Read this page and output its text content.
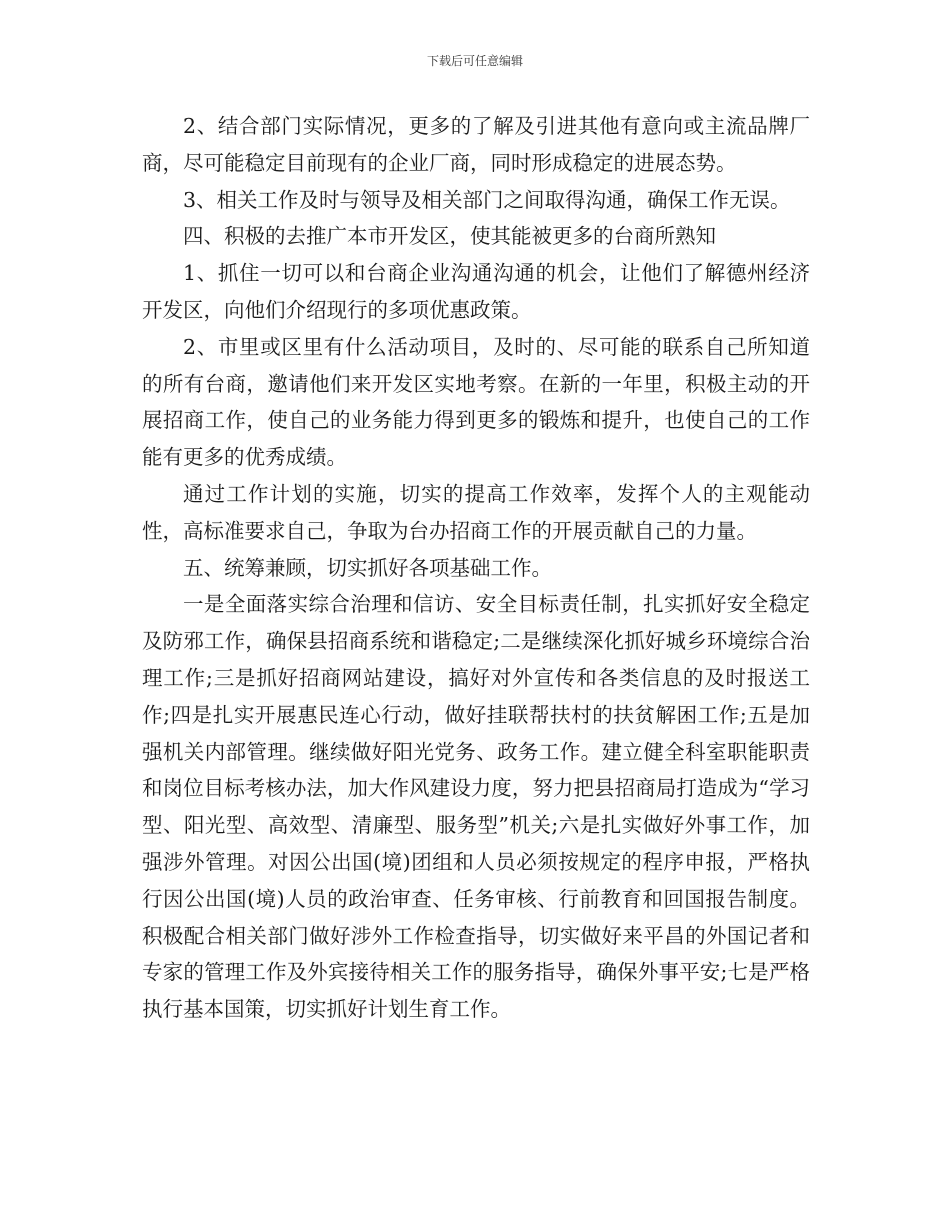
下载后可任意编辑

2、结合部门实际情况，更多的了解及引进其他有意向或主流品牌厂商，尽可能稳定目前现有的企业厂商，同时形成稳定的进展态势。

3、相关工作及时与领导及相关部门之间取得沟通，确保工作无误。

四、积极的去推广本市开发区，使其能被更多的台商所熟知

1、抓住一切可以和台商企业沟通沟通的机会，让他们了解德州经济开发区，向他们介绍现行的多项优惠政策。

2、市里或区里有什么活动项目，及时的、尽可能的联系自己所知道的所有台商，邀请他们来开发区实地考察。在新的一年里，积极主动的开展招商工作，使自己的业务能力得到更多的锻炼和提升，也使自己的工作能有更多的优秀成绩。

通过工作计划的实施，切实的提高工作效率，发挥个人的主观能动性，高标准要求自己，争取为台办招商工作的开展贡献自己的力量。

五、统筹兼顾，切实抓好各项基础工作。

一是全面落实综合治理和信访、安全目标责任制，扎实抓好安全稳定及防邪工作，确保县招商系统和谐稳定;二是继续深化抓好城乡环境综合治理工作;三是抓好招商网站建设，搞好对外宣传和各类信息的及时报送工作;四是扎实开展惠民连心行动，做好挂联帮扶村的扶贫解困工作;五是加强机关内部管理。继续做好阳光党务、政务工作。建立健全科室职能职责和岗位目标考核办法，加大作风建设力度，努力把县招商局打造成为“学习型、阳光型、高效型、清廉型、服务型”机关;六是扎实做好外事工作，加强涉外管理。对因公出国(境)团组和人员必须按规定的程序申报，严格执行因公出国(境)人员的政治审查、任务审核、行前教育和回国报告制度。积极配合相关部门做好涉外工作检查指导，切实做好来平昌的外国记者和专家的管理工作及外宾接待相关工作的服务指导，确保外事平安;七是严格执行基本国策，切实抓好计划生育工作。
